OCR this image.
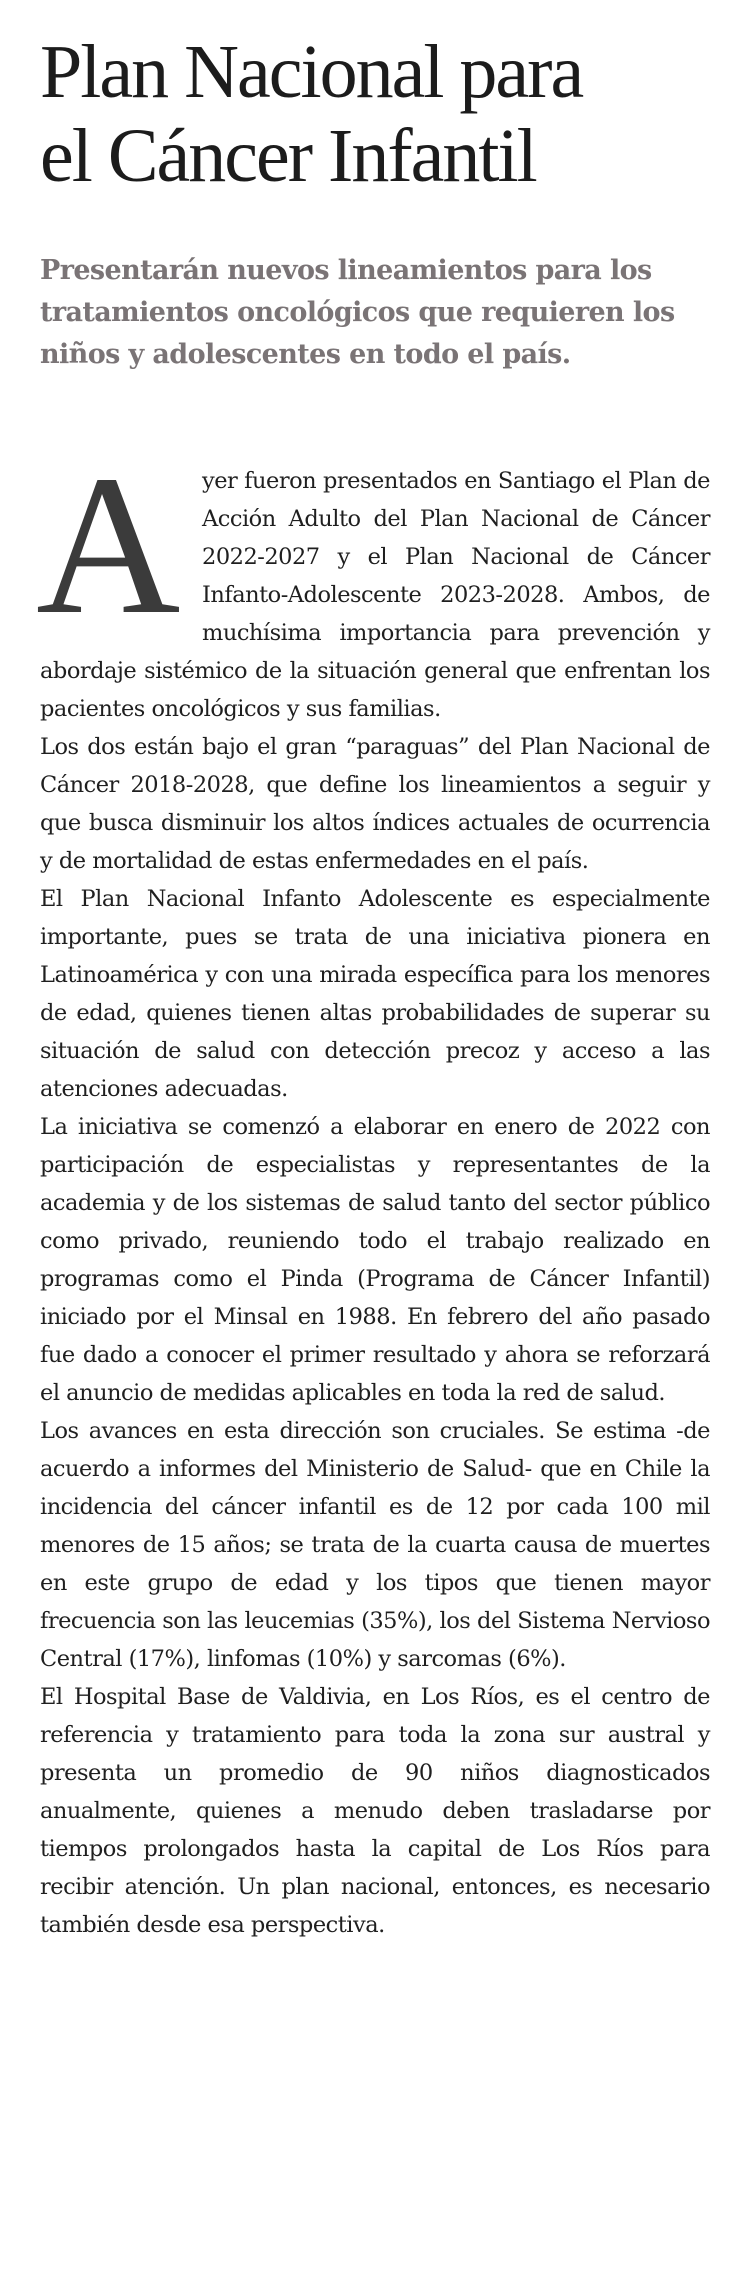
Plan Nacional para
el Cáncer Infantil
Presentarán nuevos lineamientos para los tratamientos oncológicos que requieren los niños y adolescentes en todo el país.
A yer fueron presentados en Santiago el Plan de Acción Adulto del Plan Nacional de Cáncer 2022-2027 y el Plan Nacional de Cáncer Infanto-Adolescente 2023-2028. Ambos, de muchísima importancia para prevención y abordaje sistémico de la situación general que enfrentan los pacientes oncológicos y sus familias.

Los dos están bajo el gran “paraguas” del Plan Nacional de Cáncer 2018-2028, que define los lineamientos a seguir y que busca disminuir los altos índices actuales de ocurrencia y de mortalidad de estas enfermedades en el país.

El Plan Nacional Infanto Adolescente es especialmente importante, pues se trata de una iniciativa pionera en Latinoamérica y con una mirada específica para los menores de edad, quienes tienen altas probabilidades de superar su situación de salud con detección precoz y acceso a las atenciones adecuadas.

La iniciativa se comenzó a elaborar en enero de 2022 con participación de especialistas y representantes de la academia y de los sistemas de salud tanto del sector público como privado, reuniendo todo el trabajo realizado en programas como el Pinda (Programa de Cáncer Infantil) iniciado por el Minsal en 1988. En febrero del año pasado fue dado a conocer el primer resultado y ahora se reforzará el anuncio de medidas aplicables en toda la red de salud.

Los avances en esta dirección son cruciales. Se estima -de acuerdo a informes del Ministerio de Salud- que en Chile la incidencia del cáncer infantil es de 12 por cada 100 mil menores de 15 años; se trata de la cuarta causa de muertes en este grupo de edad y los tipos que tienen mayor frecuencia son las leucemias (35%), los del Sistema Nervioso Central (17%), linfomas (10%) y sarcomas (6%).

El Hospital Base de Valdivia, en Los Ríos, es el centro de referencia y tratamiento para toda la zona sur austral y presenta un promedio de 90 niños diagnosticados anualmente, quienes a menudo deben trasladarse por tiempos prolongados hasta la capital de Los Ríos para recibir atención. Un plan nacional, entonces, es necesario también desde esa perspectiva.
